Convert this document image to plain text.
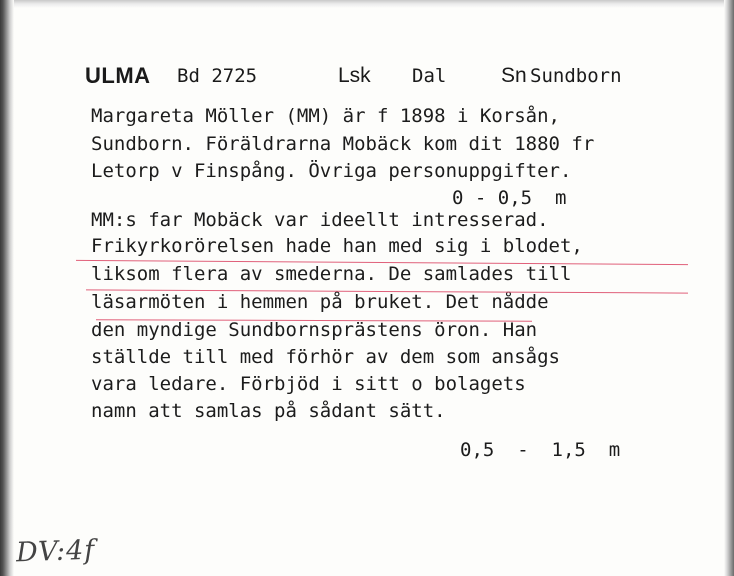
ULMA Bd 2725	Lsk Dal	Sn Sundborn
Margareta Möller (MM) är f 1898 i Korsån,
Sundborn. Föräldrarna Mobäck kom dit 1880 fr
Letorp v Finspång. Övriga personuppgifter.
0 - 0,5  m
MM:s far Mobäck var ideellt intresserad.
Frikyrkorörelsen hade han med sig i blodet,
liksom flera av smederna. De samlades till
läsarmöten i hemmen på bruket. Det nådde
den myndige Sundbornsprästens öron. Han
ställde till med förhör av dem som ansågs
vara ledare. Förbjöd i sitt o bolagets
namn att samlas på sådant sätt.
0,5  -  1,5  m
DV:4f
